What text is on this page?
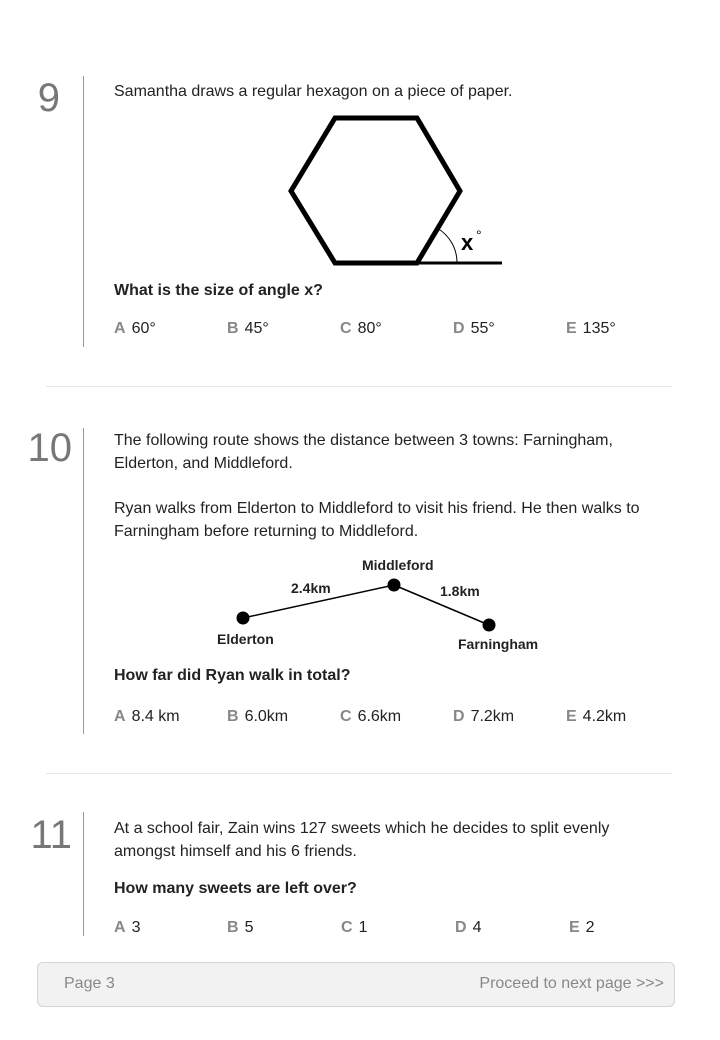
9	Samantha draws a regular hexagon on a piece of paper.
x °
What is the size of angle x?
A 60°	B 45°	C 80°	D 55°	E 135°
10	The following route shows the distance between 3 towns: Farningham, Elderton, and Middleford.
Ryan walks from Elderton to Middleford to visit his friend. He then walks to Farningham before returning to Middleford.
Middleford
Elderton	Farningham
2.4km	1.8km
How far did Ryan walk in total?
A 8.4 km	B 6.0km	C 6.6km	D 7.2km	E 4.2km
11	At a school fair, Zain wins 127 sweets which he decides to split evenly amongst himself and his 6 friends.
How many sweets are left over?
A 3	B 5	C 1	D 4	E 2
Page 3	Proceed to next page >>>
